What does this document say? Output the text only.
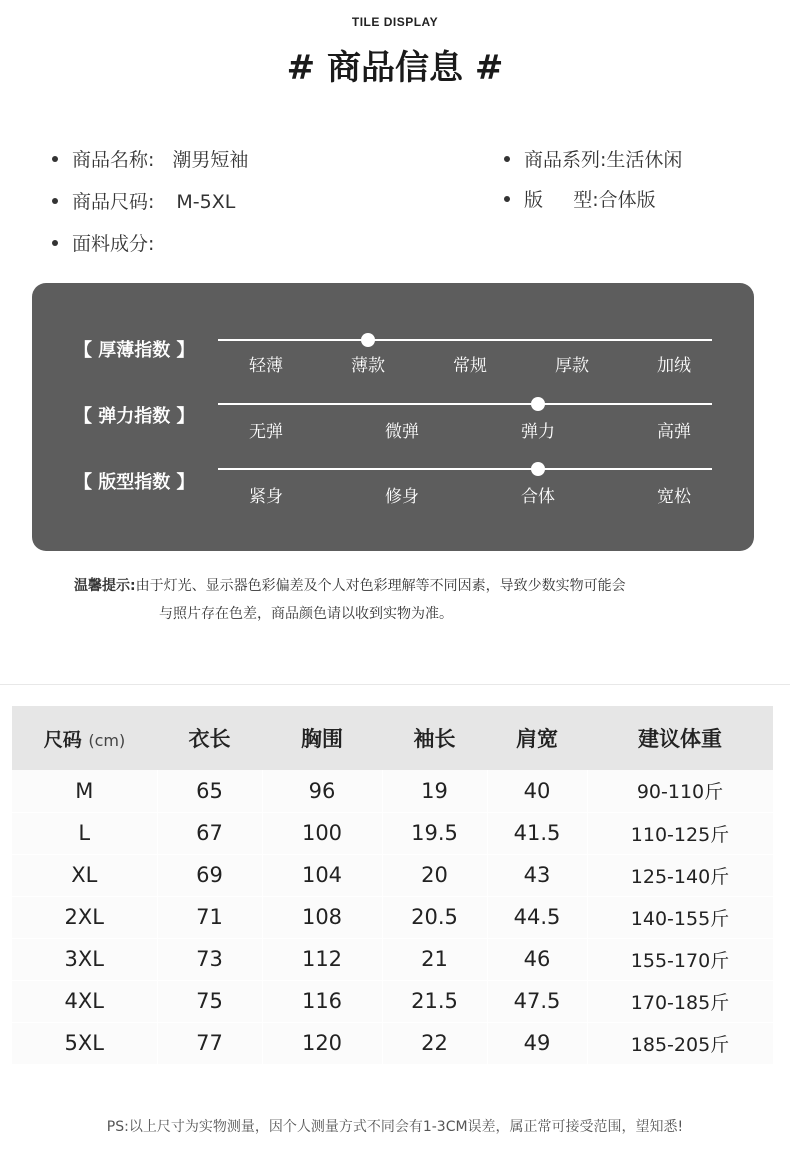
TILE DISPLAY
# 商品信息 #
商品名称: 潮男短袖	商品系列:生活休闲
商品尺码: M-5XL	版     型:合体版
面料成分:
【 厚薄指数 】
轻薄	薄款	常规	厚款	加绒
【 弹力指数 】
无弹	微弹	弹力	高弹
【 版型指数 】
紧身	修身	合体	宽松
温馨提示:由于灯光、显示器色彩偏差及个人对色彩理解等不同因素，导致少数实物可能会
与照片存在色差，商品颜色请以收到实物为准。
尺码 (cm)	衣长	胸围	袖长	肩宽	建议体重
M	65	96	19	40	90-110斤
L	67	100	19.5	41.5	110-125斤
XL	69	104	20	43	125-140斤
2XL	71	108	20.5	44.5	140-155斤
3XL	73	112	21	46	155-170斤
4XL	75	116	21.5	47.5	170-185斤
5XL	77	120	22	49	185-205斤
PS:以上尺寸为实物测量，因个人测量方式不同会有1-3CM误差，属正常可接受范围，望知悉!
